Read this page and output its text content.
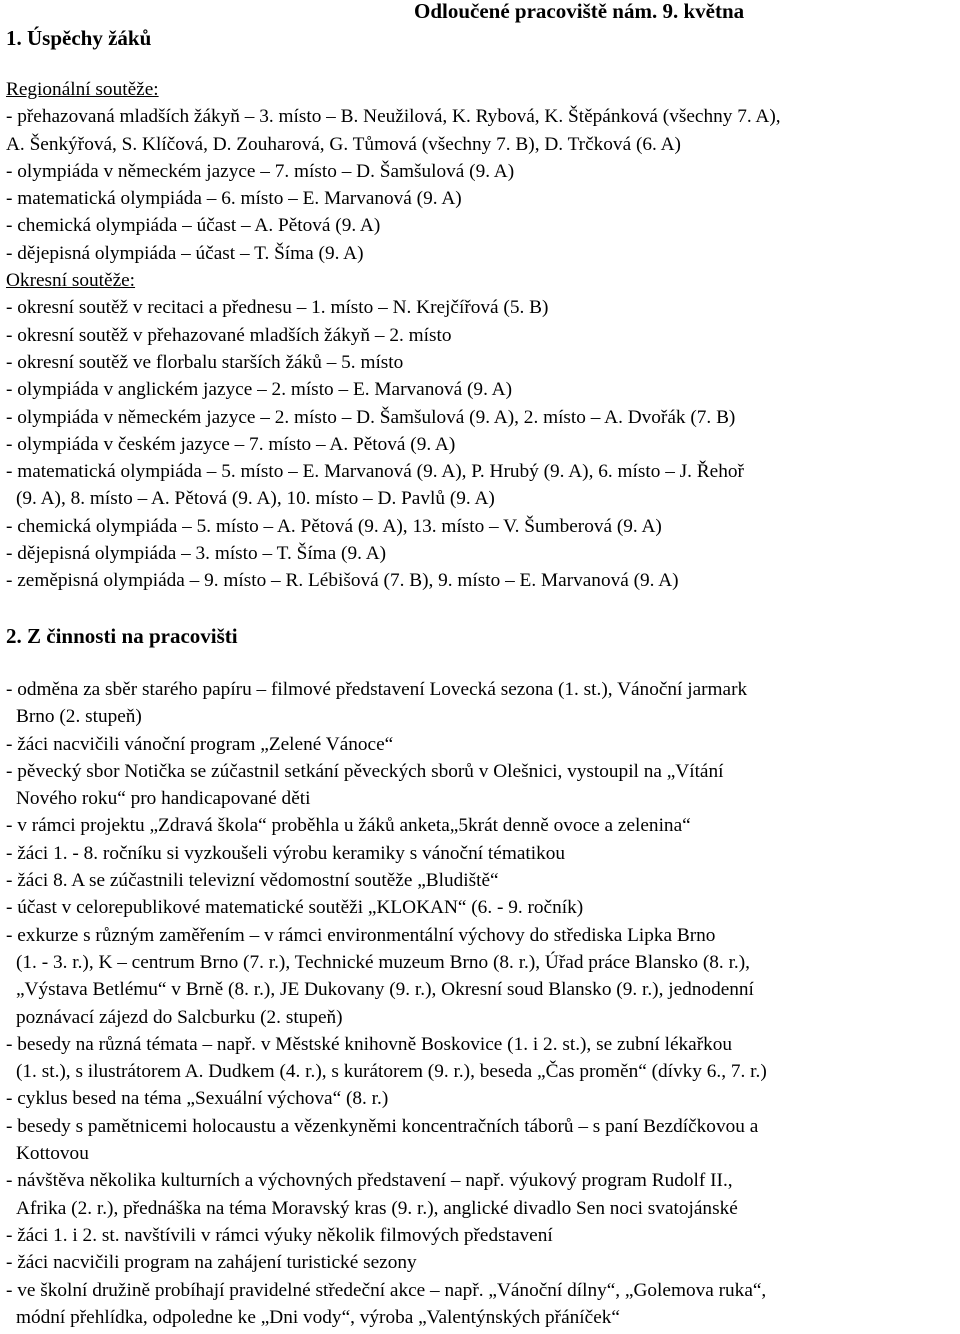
Odloučené pracoviště nám. 9. května
1. Úspěchy žáků
Regionální soutěže:
- přehazovaná mladších žákyň – 3. místo – B. Neužilová, K. Rybová, K. Štěpánková (všechny 7. A),
A. Šenkýřová, S. Klíčová, D. Zouharová, G. Tůmová (všechny 7. B), D. Trčková (6. A)
- olympiáda v německém jazyce – 7. místo – D. Šamšulová (9. A)
- matematická olympiáda – 6. místo – E. Marvanová (9. A)
- chemická olympiáda – účast – A. Pětová (9. A)
- dějepisná olympiáda – účast – T. Šíma (9. A)
Okresní soutěže:
- okresní soutěž v recitaci a přednesu – 1. místo – N. Krejčířová (5. B)
- okresní soutěž v přehazované mladších žákyň – 2. místo
- okresní soutěž ve florbalu starších žáků – 5. místo
- olympiáda v anglickém jazyce – 2. místo – E. Marvanová (9. A)
- olympiáda v německém jazyce – 2. místo – D. Šamšulová (9. A), 2. místo – A. Dvořák (7. B)
- olympiáda v českém jazyce – 7. místo – A. Pětová (9. A)
- matematická olympiáda – 5. místo – E. Marvanová (9. A), P. Hrubý (9. A), 6. místo – J. Řehoř
(9. A), 8. místo – A. Pětová (9. A), 10. místo – D. Pavlů (9. A)
- chemická olympiáda – 5. místo – A. Pětová (9. A), 13. místo – V. Šumberová (9. A)
- dějepisná olympiáda – 3. místo – T. Šíma (9. A)
- zeměpisná olympiáda – 9. místo – R. Lébišová (7. B), 9. místo – E. Marvanová (9. A)
2. Z činnosti na pracovišti
- odměna za sběr starého papíru – filmové představení Lovecká sezona (1. st.), Vánoční jarmark
Brno (2. stupeň)
- žáci nacvičili vánoční program „Zelené Vánoce“
- pěvecký sbor Notička se zúčastnil setkání pěveckých sborů v Olešnici, vystoupil na „Vítání
Nového roku“ pro handicapované děti
- v rámci projektu „Zdravá škola“ proběhla u žáků anketa„5krát denně ovoce a zelenina“
- žáci 1. - 8. ročníku si vyzkoušeli výrobu keramiky s vánoční tématikou
- žáci 8. A se zúčastnili televizní vědomostní soutěže „Bludiště“
- účast v celorepublikové matematické soutěži „KLOKAN“ (6. - 9. ročník)
- exkurze s různým zaměřením – v rámci environmentální výchovy do střediska Lipka Brno
(1. - 3. r.), K – centrum Brno (7. r.), Technické muzeum Brno (8. r.), Úřad práce Blansko (8. r.),
„Výstava Betlému“ v Brně (8. r.), JE Dukovany (9. r.), Okresní soud Blansko (9. r.), jednodenní
poznávací zájezd do Salcburku (2. stupeň)
- besedy na různá témata – např. v Městské knihovně Boskovice (1. i 2. st.), se zubní lékařkou
(1. st.), s ilustrátorem A. Dudkem (4. r.), s kurátorem (9. r.), beseda „Čas proměn“ (dívky 6., 7. r.)
- cyklus besed na téma „Sexuální výchova“ (8. r.)
- besedy s pamětnicemi holocaustu a vězenkyněmi koncentračních táborů – s paní Bezdíčkovou a
Kottovou
- návštěva několika kulturních a výchovných představení – např. výukový program Rudolf II.,
Afrika (2. r.), přednáška na téma Moravský kras (9. r.), anglické divadlo Sen noci svatojánské
- žáci 1. i 2. st. navštívili v rámci výuky několik filmových představení
- žáci nacvičili program na zahájení turistické sezony
- ve školní družině probíhají pravidelné středeční akce – např. „Vánoční dílny“, „Golemova ruka“,
módní přehlídka, odpoledne ke „Dni vody“, výroba „Valentýnských přáníček“
